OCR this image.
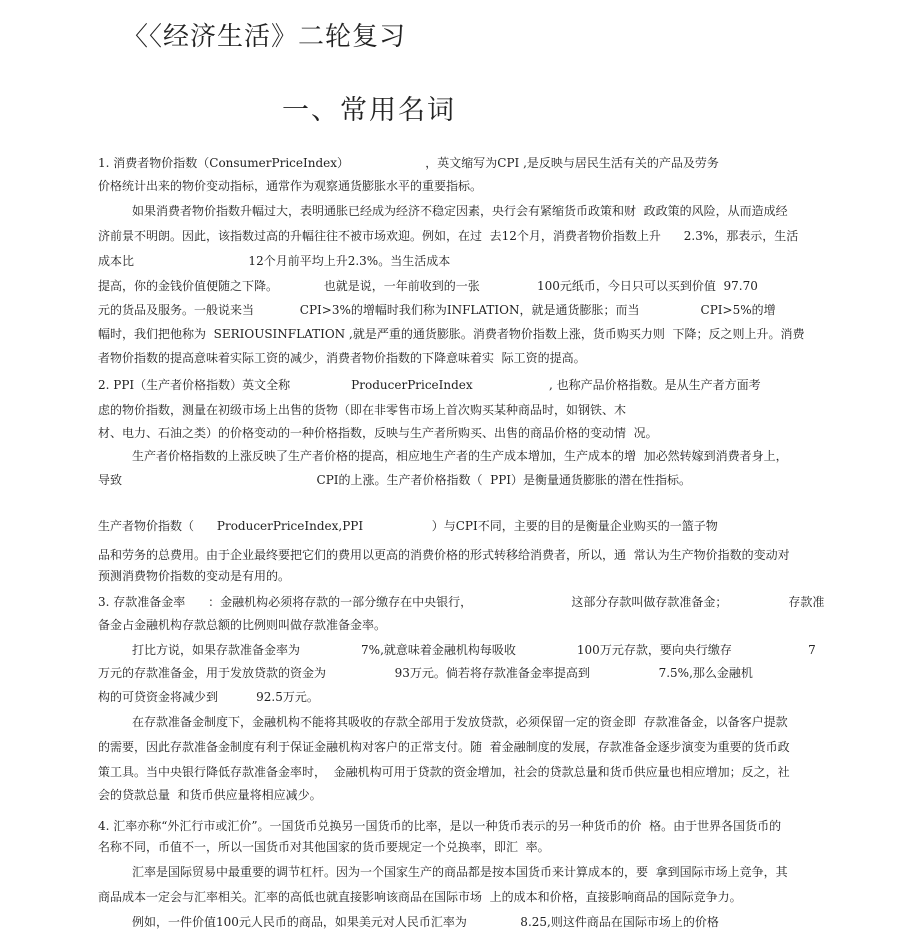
〈〈经济生活》二轮复习
一、常用名词
1. 消费者物价指数（ConsumerPriceIndex）                    ，英文缩写为CPI ,是反映与居民生活有关的产品及劳务
价格统计出来的物价变动指标，通常作为观察通货膨胀水平的重要指标。
如果消费者物价指数升幅过大，表明通胀已经成为经济不稳定因素，央行会有紧缩货币政策和财  政政策的风险，从而造成经
济前景不明朗。因此，该指数过高的升幅往往不被市场欢迎。例如，在过  去12个月，消费者物价指数上升      2.3%，那表示，生活
成本比                              12个月前平均上升2.3%。当生活成本
提高，你的金钱价值便随之下降。            也就是说，一年前收到的一张               100元纸币，今日只可以买到价值  97.70
元的货品及服务。一般说来当            CPI>3%的增幅时我们称为INFLATION，就是通货膨胀；而当                CPI>5%的增
幅时，我们把他称为  SERIOUSINFLATION ,就是严重的通货膨胀。消费者物价指数上涨，货币购买力则  下降；反之则上升。消费
者物价指数的提高意味着实际工资的减少，消费者物价指数的下降意味着实  际工资的提高。
2. PPI（生产者价格指数）英文全称                ProducerPriceIndex                    , 也称产品价格指数。是从生产者方面考
虑的物价指数，测量在初级市场上出售的货物（即在非零售市场上首次购买某种商品时，如钢铁、木
材、电力、石油之类）的价格变动的一种价格指数，反映与生产者所购买、出售的商品价格的变动情  况。
生产者价格指数的上涨反映了生产者价格的提高，相应地生产者的生产成本增加，生产成本的增  加必然转嫁到消费者身上，
导致                                                   CPI的上涨。生产者价格指数（  PPI）是衡量通货膨胀的潜在性指标。
生产者物价指数（      ProducerPriceIndex,PPI                  ）与CPI不同，主要的目的是衡量企业购买的一篮子物
品和劳务的总费用。由于企业最终要把它们的费用以更高的消费价格的形式转移给消费者，所以，通  常认为生产物价指数的变动对
预测消费物价指数的变动是有用的。
3. 存款准备金率      ：金融机构必须将存款的一部分缴存在中央银行，                          这部分存款叫做存款准备金；                存款准
备金占金融机构存款总额的比例则叫做存款准备金率。
打比方说，如果存款准备金率为                7%,就意味着金融机构每吸收                100万元存款，要向央行缴存                    7
万元的存款准备金，用于发放贷款的资金为                  93万元。倘若将存款准备金率提高到                  7.5%,那么金融机
构的可贷资金将减少到          92.5万元。
在存款准备金制度下，金融机构不能将其吸收的存款全部用于发放贷款，必须保留一定的资金即  存款准备金，以备客户提款
的需要，因此存款准备金制度有利于保证金融机构对客户的正常支付。随  着金融制度的发展，存款准备金逐步演变为重要的货币政
策工具。当中央银行降低存款准备金率时，  金融机构可用于贷款的资金增加，社会的贷款总量和货币供应量也相应增加；反之，社
会的贷款总量  和货币供应量将相应减少。
4. 汇率亦称“外汇行市或汇价”。一国货币兑换另一国货币的比率，是以一种货币表示的另一种货币的价  格。由于世界各国货币的
名称不同，币值不一，所以一国货币对其他国家的货币要规定一个兑换率，即汇  率。
汇率是国际贸易中最重要的调节杠杆。因为一个国家生产的商品都是按本国货币来计算成本的，要  拿到国际市场上竞争，其
商品成本一定会与汇率相关。汇率的高低也就直接影响该商品在国际市场  上的成本和价格，直接影响商品的国际竞争力。
例如，一件价值100元人民币的商品，如果美元对人民币汇率为              8.25,则这件商品在国际市场上的价格
